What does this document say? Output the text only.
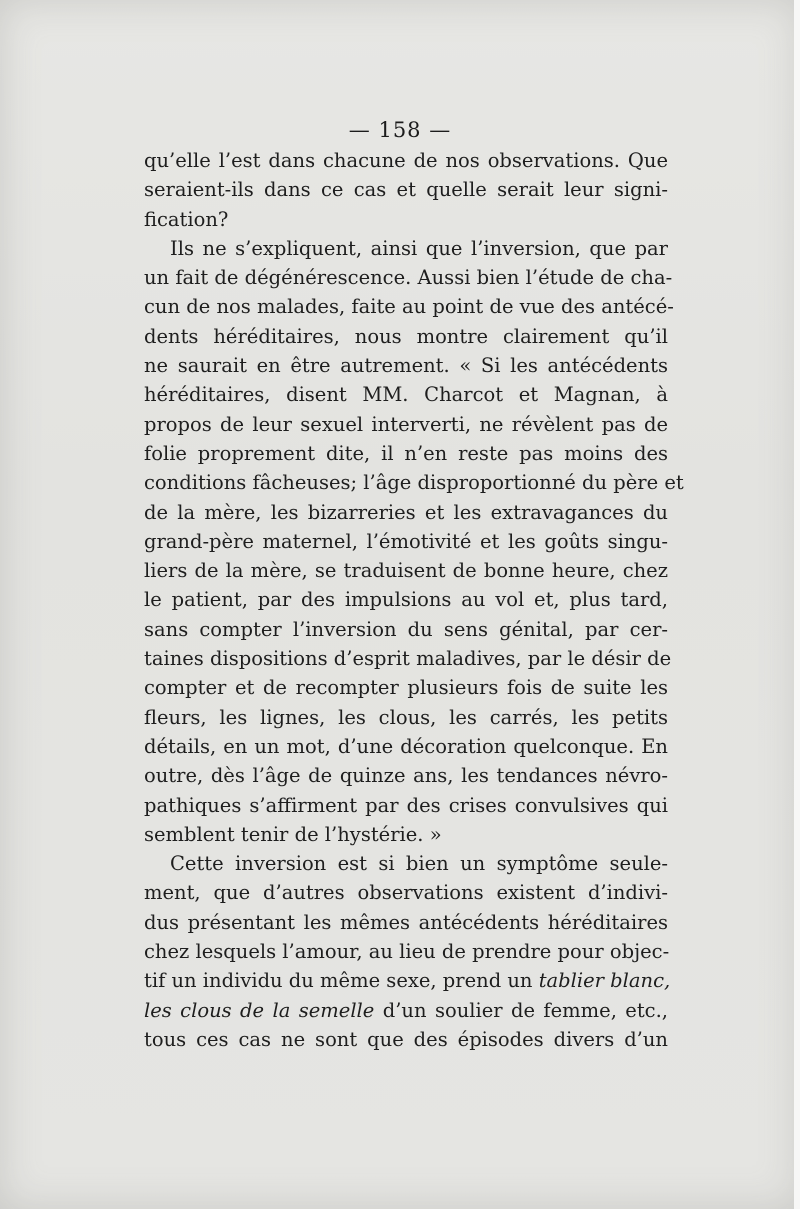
— 158 —
qu’elle l’est dans chacune de nos observations. Que
seraient-ils dans ce cas et quelle serait leur signi-
fication?
Ils ne s’expliquent, ainsi que l’inversion, que par
un fait de dégénérescence. Aussi bien l’étude de cha-
cun de nos malades, faite au point de vue des antécé-
dents héréditaires, nous montre clairement qu’il
ne saurait en être autrement. « Si les antécédents
héréditaires, disent MM. Charcot et Magnan, à
propos de leur sexuel interverti, ne révèlent pas de
folie proprement dite, il n’en reste pas moins des
conditions fâcheuses; l’âge disproportionné du père et
de la mère, les bizarreries et les extravagances du
grand-père maternel, l’émotivité et les goûts singu-
liers de la mère, se traduisent de bonne heure, chez
le patient, par des impulsions au vol et, plus tard,
sans compter l’inversion du sens génital, par cer-
taines dispositions d’esprit maladives, par le désir de
compter et de recompter plusieurs fois de suite les
fleurs, les lignes, les clous, les carrés, les petits
détails, en un mot, d’une décoration quelconque. En
outre, dès l’âge de quinze ans, les tendances névro-
pathiques s’affirment par des crises convulsives qui
semblent tenir de l’hystérie. »
Cette inversion est si bien un symptôme seule-
ment, que d’autres observations existent d’indivi-
dus présentant les mêmes antécédents héréditaires
chez lesquels l’amour, au lieu de prendre pour objec-
tif un individu du même sexe, prend un tablier blanc,
les clous de la semelle d’un soulier de femme, etc.,
tous ces cas ne sont que des épisodes divers d’un
